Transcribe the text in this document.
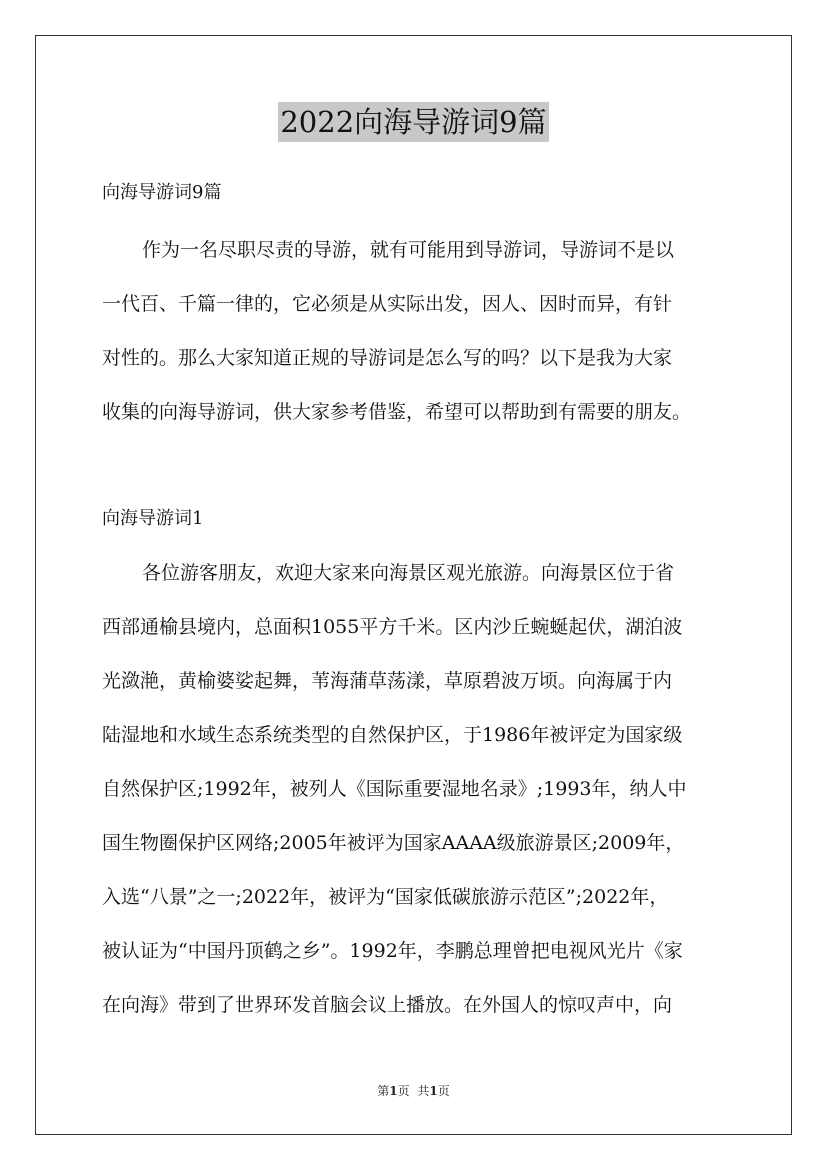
2022向海导游词9篇

向海导游词9篇

作为一名尽职尽责的导游，就有可能用到导游词，导游词不是以
一代百、千篇一律的，它必须是从实际出发，因人、因时而异，有针
对性的。那么大家知道正规的导游词是怎么写的吗？以下是我为大家
收集的向海导游词，供大家参考借鉴，希望可以帮助到有需要的朋友。

向海导游词1

各位游客朋友，欢迎大家来向海景区观光旅游。向海景区位于省
西部通榆县境内，总面积1055平方千米。区内沙丘蜿蜒起伏，湖泊波
光潋滟，黄榆婆娑起舞，苇海蒲草荡漾，草原碧波万顷。向海属于内
陆湿地和水域生态系统类型的自然保护区，于1986年被评定为国家级
自然保护区;1992年，被列人《国际重要湿地名录》;1993年，纳人中
国生物圈保护区网络;2005年被评为国家AAAA级旅游景区;2009年，
入选“八景”之一;2022年，被评为“国家低碳旅游示范区”;2022年，
被认证为“中国丹顶鹤之乡”。1992年，李鹏总理曾把电视风光片《家
在向海》带到了世界环发首脑会议上播放。在外国人的惊叹声中，向

第1页 共1页
